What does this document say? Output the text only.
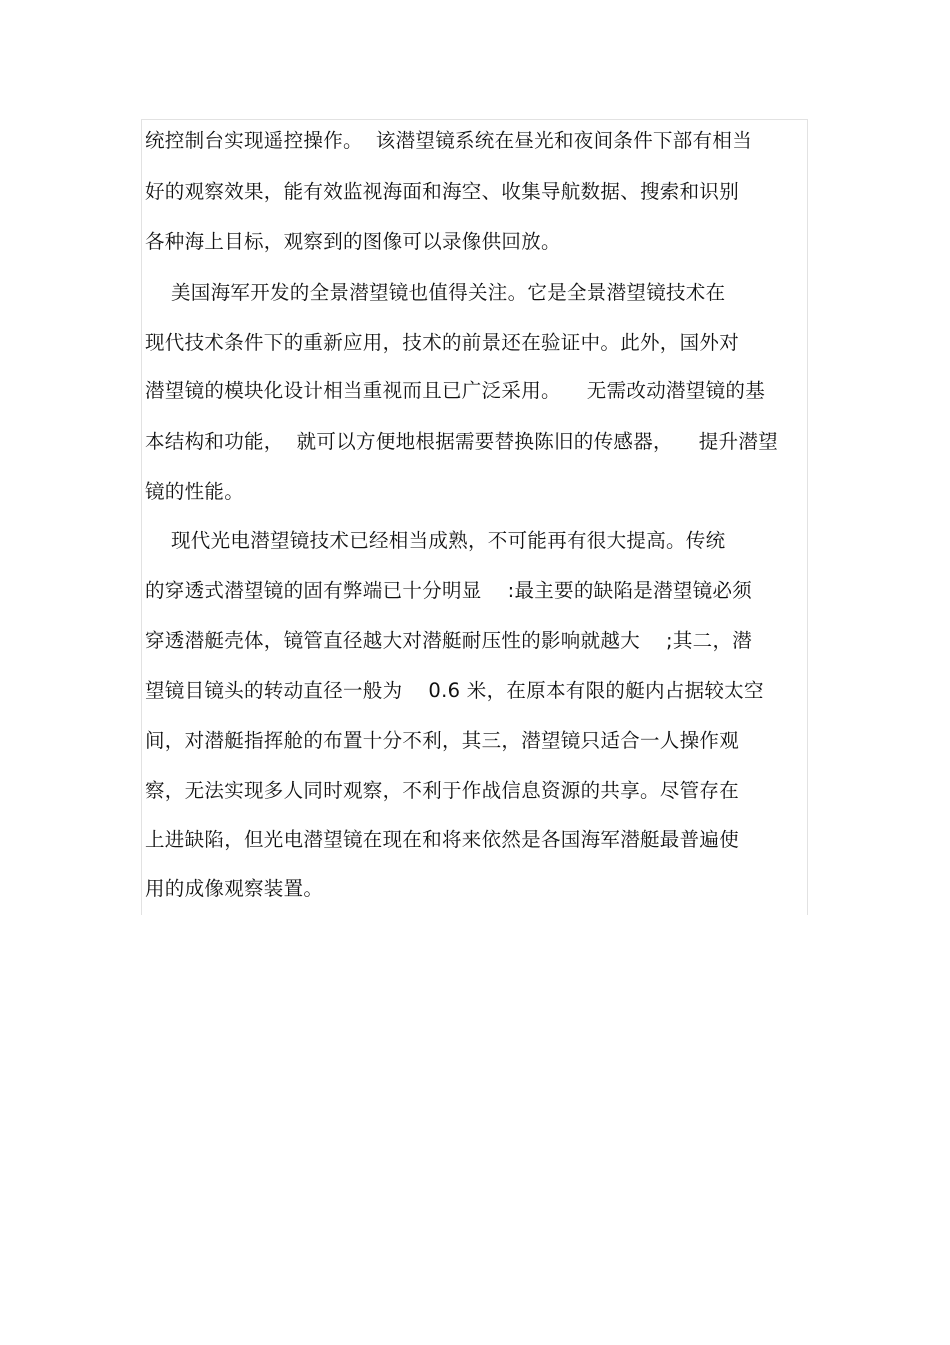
统控制台实现遥控操作。  该潜望镜系统在昼光和夜间条件下部有相当
好的观察效果，能有效监视海面和海空、收集导航数据、搜索和识别
各种海上目标，观察到的图像可以录像供回放。
美国海军开发的全景潜望镜也值得关注。它是全景潜望镜技术在
现代技术条件下的重新应用，技术的前景还在验证中。此外，国外对
潜望镜的模块化设计相当重视而且已广泛采用。    无需改动潜望镜的基
本结构和功能，  就可以方便地根据需要替换陈旧的传感器，    提升潜望
镜的性能。
现代光电潜望镜技术已经相当成熟，不可能再有很大提高。传统
的穿透式潜望镜的固有弊端已十分明显    :最主要的缺陷是潜望镜必须
穿透潜艇壳体，镜管直径越大对潜艇耐压性的影响就越大    ;其二，潜
望镜目镜头的转动直径一般为    0.6 米，在原本有限的艇内占据较太空
间，对潜艇指挥舱的布置十分不利，其三，潜望镜只适合一人操作观
察，无法实现多人同时观察，不利于作战信息资源的共享。尽管存在
上进缺陷，但光电潜望镜在现在和将来依然是各国海军潜艇最普遍使
用的成像观察装置。
